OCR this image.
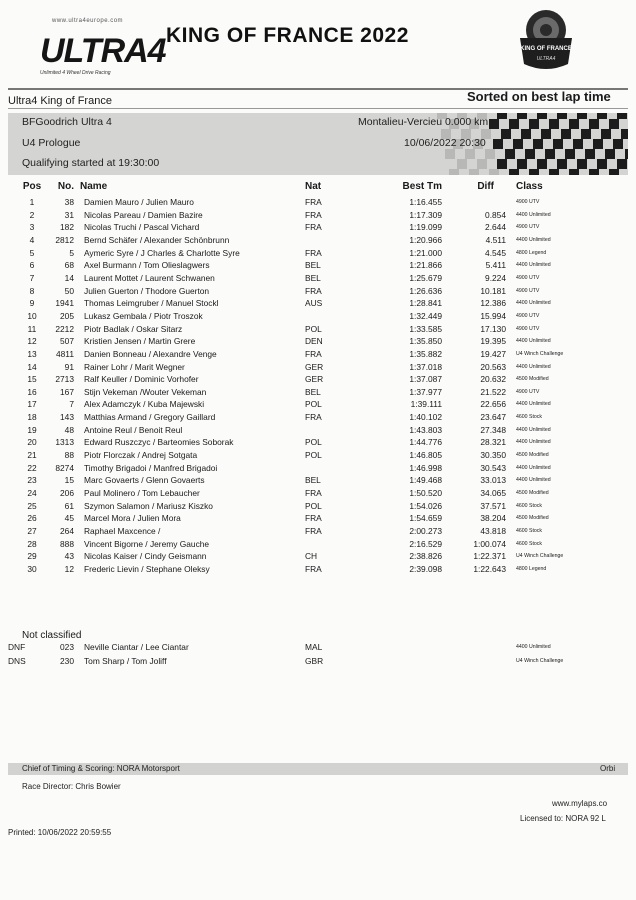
www.ultra4europe.com
ULTRA4
Unlimited 4 Wheel Drive Racing
KING OF FRANCE 2022
KING OF FRANCE
ULTRA4
Ultra4 King of France	Sorted on best lap time
BFGoodrich Ultra 4	Montalieu-Vercieu 0.000 km
U4 Prologue	10/06/2022 20:30
Qualifying started at 19:30:00
Pos	No. Name	Nat	Best Tm	Diff Class
1	38 Damien Mauro / Julien Mauro	FRA	1:16.455	4900 UTV
2	31 Nicolas Pareau / Damien Bazire	FRA	1:17.309	0.854 4400 Unlimited
3	182 Nicolas Truchi / Pascal Vichard	FRA	1:19.099	2.644 4900 UTV
4	2812 Bernd Schäfer / Alexander Schönbrunn	1:20.966	4.511 4400 Unlimited
5	5 Aymeric Syre / J Charles & Charlotte Syre	FRA	1:21.000	4.545 4800 Legend
6	68 Axel Burmann / Tom Olieslagwers	BEL	1:21.866	5.411 4400 Unlimited
7	14 Laurent Mottet / Laurent Schwanen	BEL	1:25.679	9.224 4900 UTV
8	50 Julien Guerton / Thodore Guerton	FRA	1:26.636	10.181 4900 UTV
9	1941 Thomas Leimgruber / Manuel Stockl	AUS	1:28.841	12.386 4400 Unlimited
10	205 Lukasz Gembala / Piotr Troszok	1:32.449	15.994 4900 UTV
11	2212 Piotr Badlak / Oskar Sitarz	POL	1:33.585	17.130 4900 UTV
12	507 Kristien Jensen / Martin Grere	DEN	1:35.850	19.395 4400 Unlimited
13	4811 Danien Bonneau / Alexandre Venge	FRA	1:35.882	19.427 U4 Winch Challenge
14	91 Rainer Lohr / Marit Wegner	GER	1:37.018	20.563 4400 Unlimited
15	2713 Ralf Keuller / Dominic Vorhofer	GER	1:37.087	20.632 4500 Modified
16	167 Stijn Vekeman /Wouter Vekeman	BEL	1:37.977	21.522 4900 UTV
17	7 Alex Adamczyk / Kuba Majewski	POL	1:39.111	22.656 4400 Unlimited
18	143 Matthias Armand / Gregory Gaillard	FRA	1:40.102	23.647 4600 Stock
19	48 Antoine Reul / Benoit Reul	1:43.803	27.348 4400 Unlimited
20	1313 Edward Ruszczyc / Barteomies Soborak	POL	1:44.776	28.321 4400 Unlimited
21	88 Piotr Florczak / Andrej Sotgata	POL	1:46.805	30.350 4500 Modified
22	8274 Timothy Brigadoi / Manfred Brigadoi	1:46.998	30.543 4400 Unlimited
23	15 Marc Govaerts / Glenn Govaerts	BEL	1:49.468	33.013 4400 Unlimited
24	206 Paul Molinero / Tom Lebaucher	FRA	1:50.520	34.065 4500 Modified
25	61 Szymon Salamon / Mariusz Kiszko	POL	1:54.026	37.571 4600 Stock
26	45 Marcel Mora / Julien Mora	FRA	1:54.659	38.204 4500 Modified
27	264 Raphael Maxcence /	FRA	2:00.273	43.818 4600 Stock
28	888 Vincent Bigorne / Jeremy Gauche	2:16.529	1:00.074 4600 Stock
29	43 Nicolas Kaiser / Cindy Geismann	CH	2:38.826	1:22.371 U4 Winch Challenge
30	12 Frederic Lievin / Stephane Oleksy	FRA	2:39.098	1:22.643 4800 Legend
Not classified
DNF	023 Neville Ciantar / Lee Ciantar	MAL	4400 Unlimited
DNS	230 Tom Sharp / Tom Joliff	GBR	U4 Winch Challenge
Chief of Timing & Scoring: NORA Motorsport	Orbi
Race Director: Chris Bowier
www.mylaps.co
Licensed to: NORA 92 L
Printed: 10/06/2022 20:59:55
